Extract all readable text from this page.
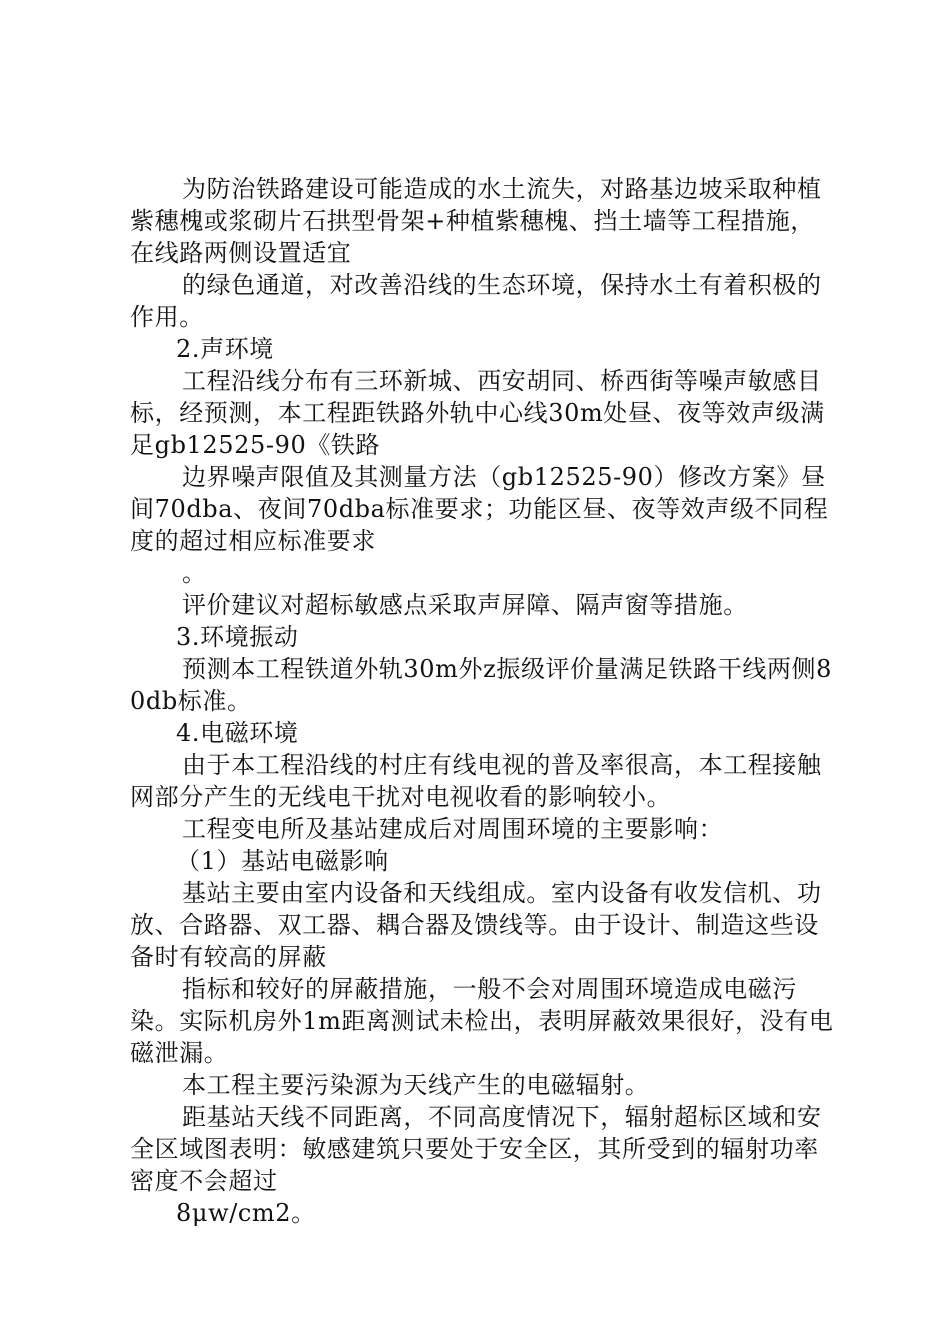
为防治铁路建设可能造成的水土流失，对路基边坡采取种植紫穗槐或浆砌片石拱型骨架+种植紫穗槐、挡土墙等工程措施，在线路两侧设置适宜

的绿色通道，对改善沿线的生态环境，保持水土有着积极的作用。

2.声环境

工程沿线分布有三环新城、西安胡同、桥西街等噪声敏感目标，经预测，本工程距铁路外轨中心线30m处昼、夜等效声级满足gb12525-90《铁路

边界噪声限值及其测量方法（gb12525-90）修改方案》昼间70dba、夜间70dba标准要求；功能区昼、夜等效声级不同程度的超过相应标准要求

。

评价建议对超标敏感点采取声屏障、隔声窗等措施。

3.环境振动

预测本工程铁道外轨30m外z振级评价量满足铁路干线两侧80db标准。

4.电磁环境

由于本工程沿线的村庄有线电视的普及率很高，本工程接触网部分产生的无线电干扰对电视收看的影响较小。

工程变电所及基站建成后对周围环境的主要影响：

（1）基站电磁影响

基站主要由室内设备和天线组成。室内设备有收发信机、功放、合路器、双工器、耦合器及馈线等。由于设计、制造这些设备时有较高的屏蔽

指标和较好的屏蔽措施，一般不会对周围环境造成电磁污染。实际机房外1m距离测试未检出，表明屏蔽效果很好，没有电磁泄漏。

本工程主要污染源为天线产生的电磁辐射。

距基站天线不同距离，不同高度情况下，辐射超标区域和安全区域图表明：敏感建筑只要处于安全区，其所受到的辐射功率密度不会超过

8μw/cm2。
